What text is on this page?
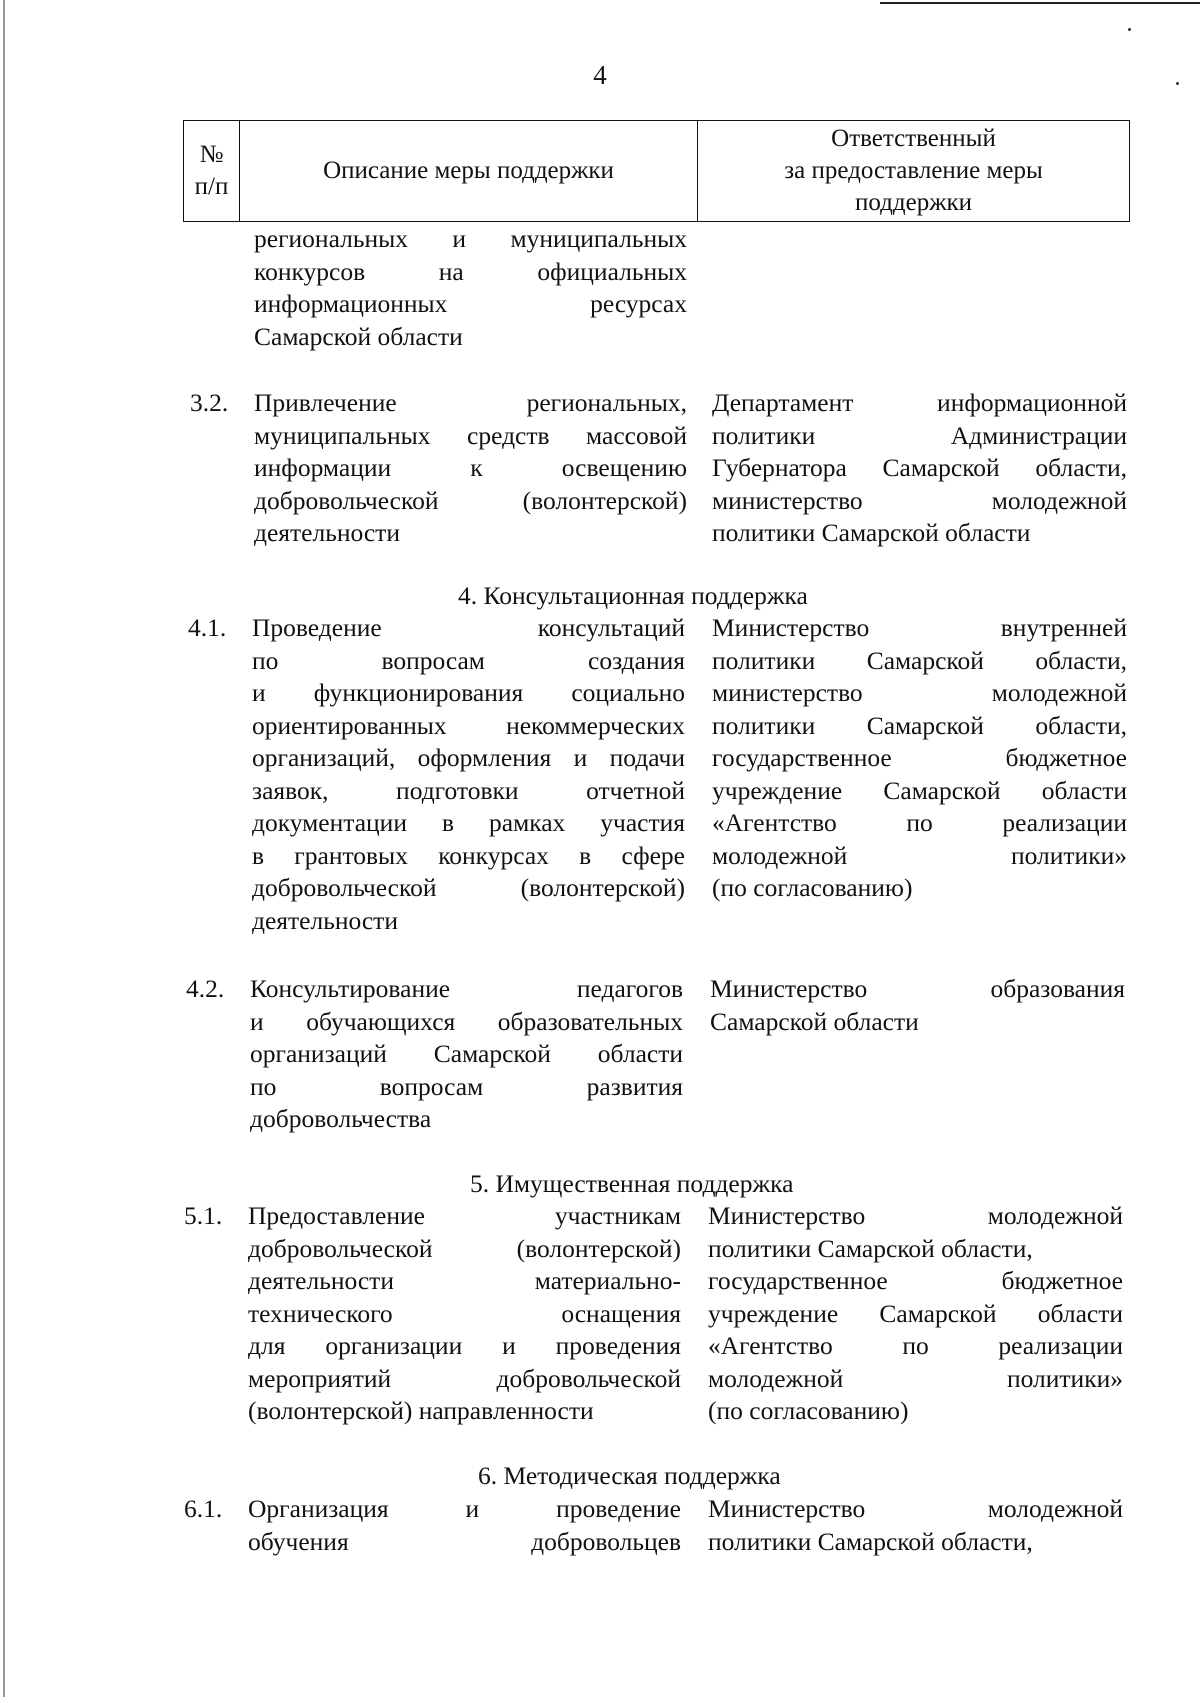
4
№
п/п
Описание меры поддержки
Ответственный
за предоставление меры
поддержки
региональных и муниципальных
конкурсов на официальных
информационных ресурсах
Самарской области
3.2. Привлечение региональных,
муниципальных средств массовой
информации к освещению
добровольческой (волонтерской)
деятельности
Департамент информационной
политики Администрации
Губернатора Самарской области,
министерство молодежной
политики Самарской области
4. Консультационная поддержка
4.1. Проведение консультаций
по вопросам создания
и функционирования социально
ориентированных некоммерческих
организаций, оформления и подачи
заявок, подготовки отчетной
документации в рамках участия
в грантовых конкурсах в сфере
добровольческой (волонтерской)
деятельности
Министерство внутренней
политики Самарской области,
министерство молодежной
политики Самарской области,
государственное бюджетное
учреждение Самарской области
«Агентство по реализации
молодежной политики»
(по согласованию)
4.2. Консультирование педагогов
и обучающихся образовательных
организаций Самарской области
по вопросам развития
добровольчества
Министерство образования
Самарской области
5. Имущественная поддержка
5.1. Предоставление участникам
добровольческой (волонтерской)
деятельности материально-
технического оснащения
для организации и проведения
мероприятий добровольческой
(волонтерской) направленности
Министерство молодежной
политики Самарской области,
государственное бюджетное
учреждение Самарской области
«Агентство по реализации
молодежной политики»
(по согласованию)
6. Методическая поддержка
6.1. Организация и проведение
обучения добровольцев
Министерство молодежной
политики Самарской области,
